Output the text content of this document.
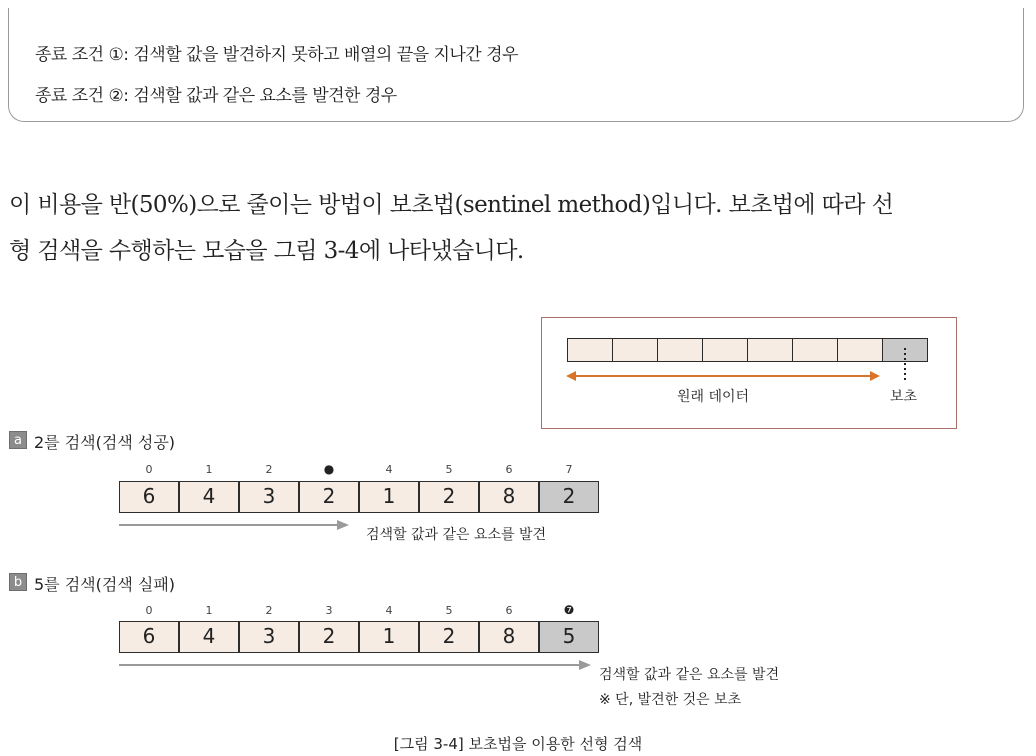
종료 조건 ①: 검색할 값을 발견하지 못하고 배열의 끝을 지나간 경우
종료 조건 ②: 검색할 값과 같은 요소를 발견한 경우
이 비용을 반(50%)으로 줄이는 방법이 보초법(sentinel method)입니다. 보초법에 따라 선
형 검색을 수행하는 모습을 그림 3-4에 나타냈습니다.
원래 데이터	보초
a 2를 검색(검색 성공)
0	1	2	●	4	5	6	7
6	4	3	2	1	2	8	2
검색할 값과 같은 요소를 발견
b 5를 검색(검색 실패)
0	1	2	3	4	5	6	❼
6	4	3	2	1	2	8	5
검색할 값과 같은 요소를 발견
※ 단, 발견한 것은 보초
[그림 3-4] 보초법을 이용한 선형 검색
